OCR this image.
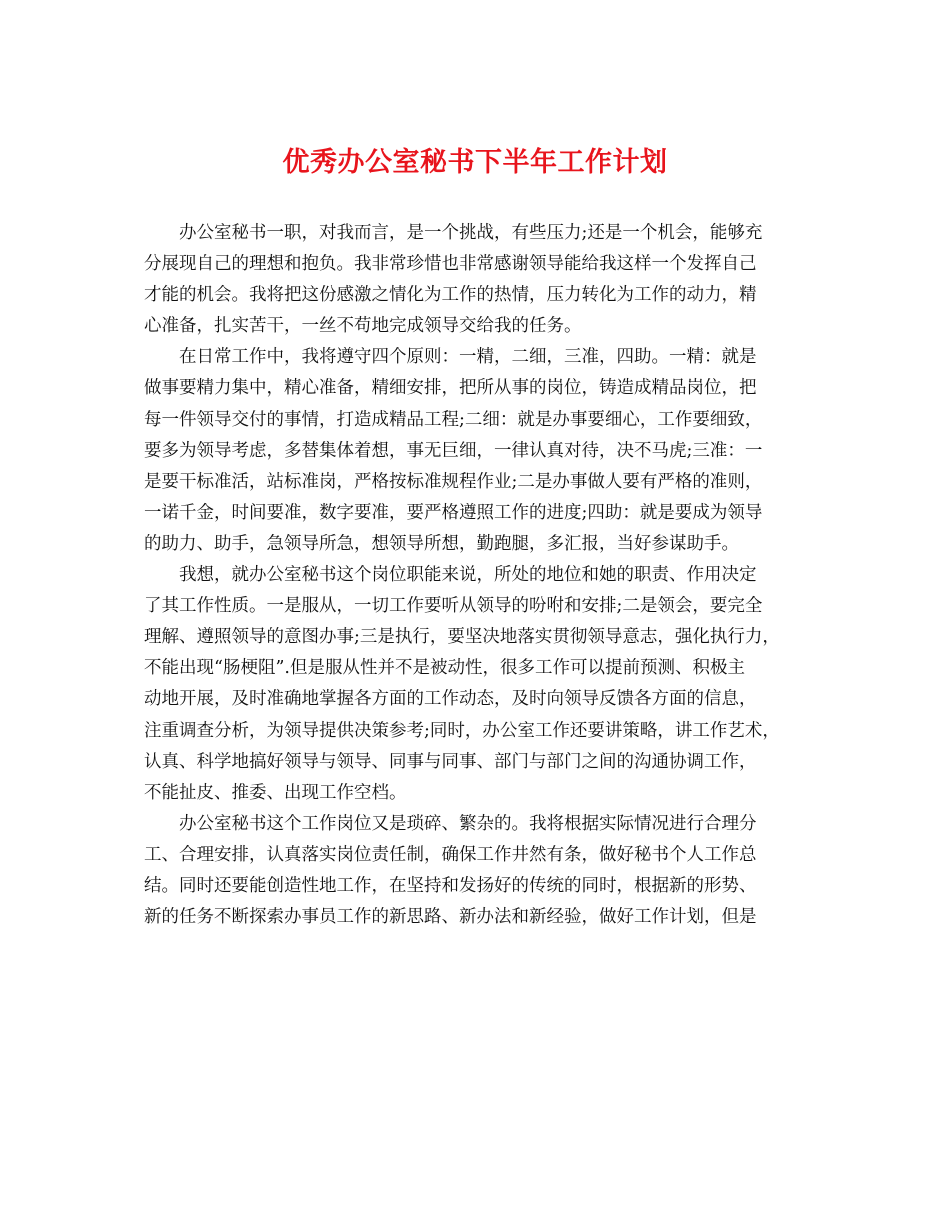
优秀办公室秘书下半年工作计划
办公室秘书一职，对我而言，是一个挑战，有些压力;还是一个机会，能够充
分展现自己的理想和抱负。我非常珍惜也非常感谢领导能给我这样一个发挥自己
才能的机会。我将把这份感激之情化为工作的热情，压力转化为工作的动力，精
心准备，扎实苦干，一丝不苟地完成领导交给我的任务。
在日常工作中，我将遵守四个原则：一精，二细，三准，四助。一精：就是
做事要精力集中，精心准备，精细安排，把所从事的岗位，铸造成精品岗位，把
每一件领导交付的事情，打造成精品工程;二细：就是办事要细心，工作要细致，
要多为领导考虑，多替集体着想，事无巨细，一律认真对待，决不马虎;三准：一
是要干标准活，站标准岗，严格按标准规程作业;二是办事做人要有严格的准则，
一诺千金，时间要准，数字要准，要严格遵照工作的进度;四助：就是要成为领导
的助力、助手，急领导所急，想领导所想，勤跑腿，多汇报，当好参谋助手。
我想，就办公室秘书这个岗位职能来说，所处的地位和她的职责、作用决定
了其工作性质。一是服从，一切工作要听从领导的吩咐和安排;二是领会，要完全
理解、遵照领导的意图办事;三是执行，要坚决地落实贯彻领导意志，强化执行力，
不能出现“肠梗阻”.但是服从性并不是被动性，很多工作可以提前预测、积极主
动地开展，及时准确地掌握各方面的工作动态，及时向领导反馈各方面的信息，
注重调查分析，为领导提供决策参考;同时，办公室工作还要讲策略，讲工作艺术，
认真、科学地搞好领导与领导、同事与同事、部门与部门之间的沟通协调工作，
不能扯皮、推委、出现工作空档。
办公室秘书这个工作岗位又是琐碎、繁杂的。我将根据实际情况进行合理分
工、合理安排，认真落实岗位责任制，确保工作井然有条，做好秘书个人工作总
结。同时还要能创造性地工作，在坚持和发扬好的传统的同时，根据新的形势、
新的任务不断探索办事员工作的新思路、新办法和新经验，做好工作计划，但是
